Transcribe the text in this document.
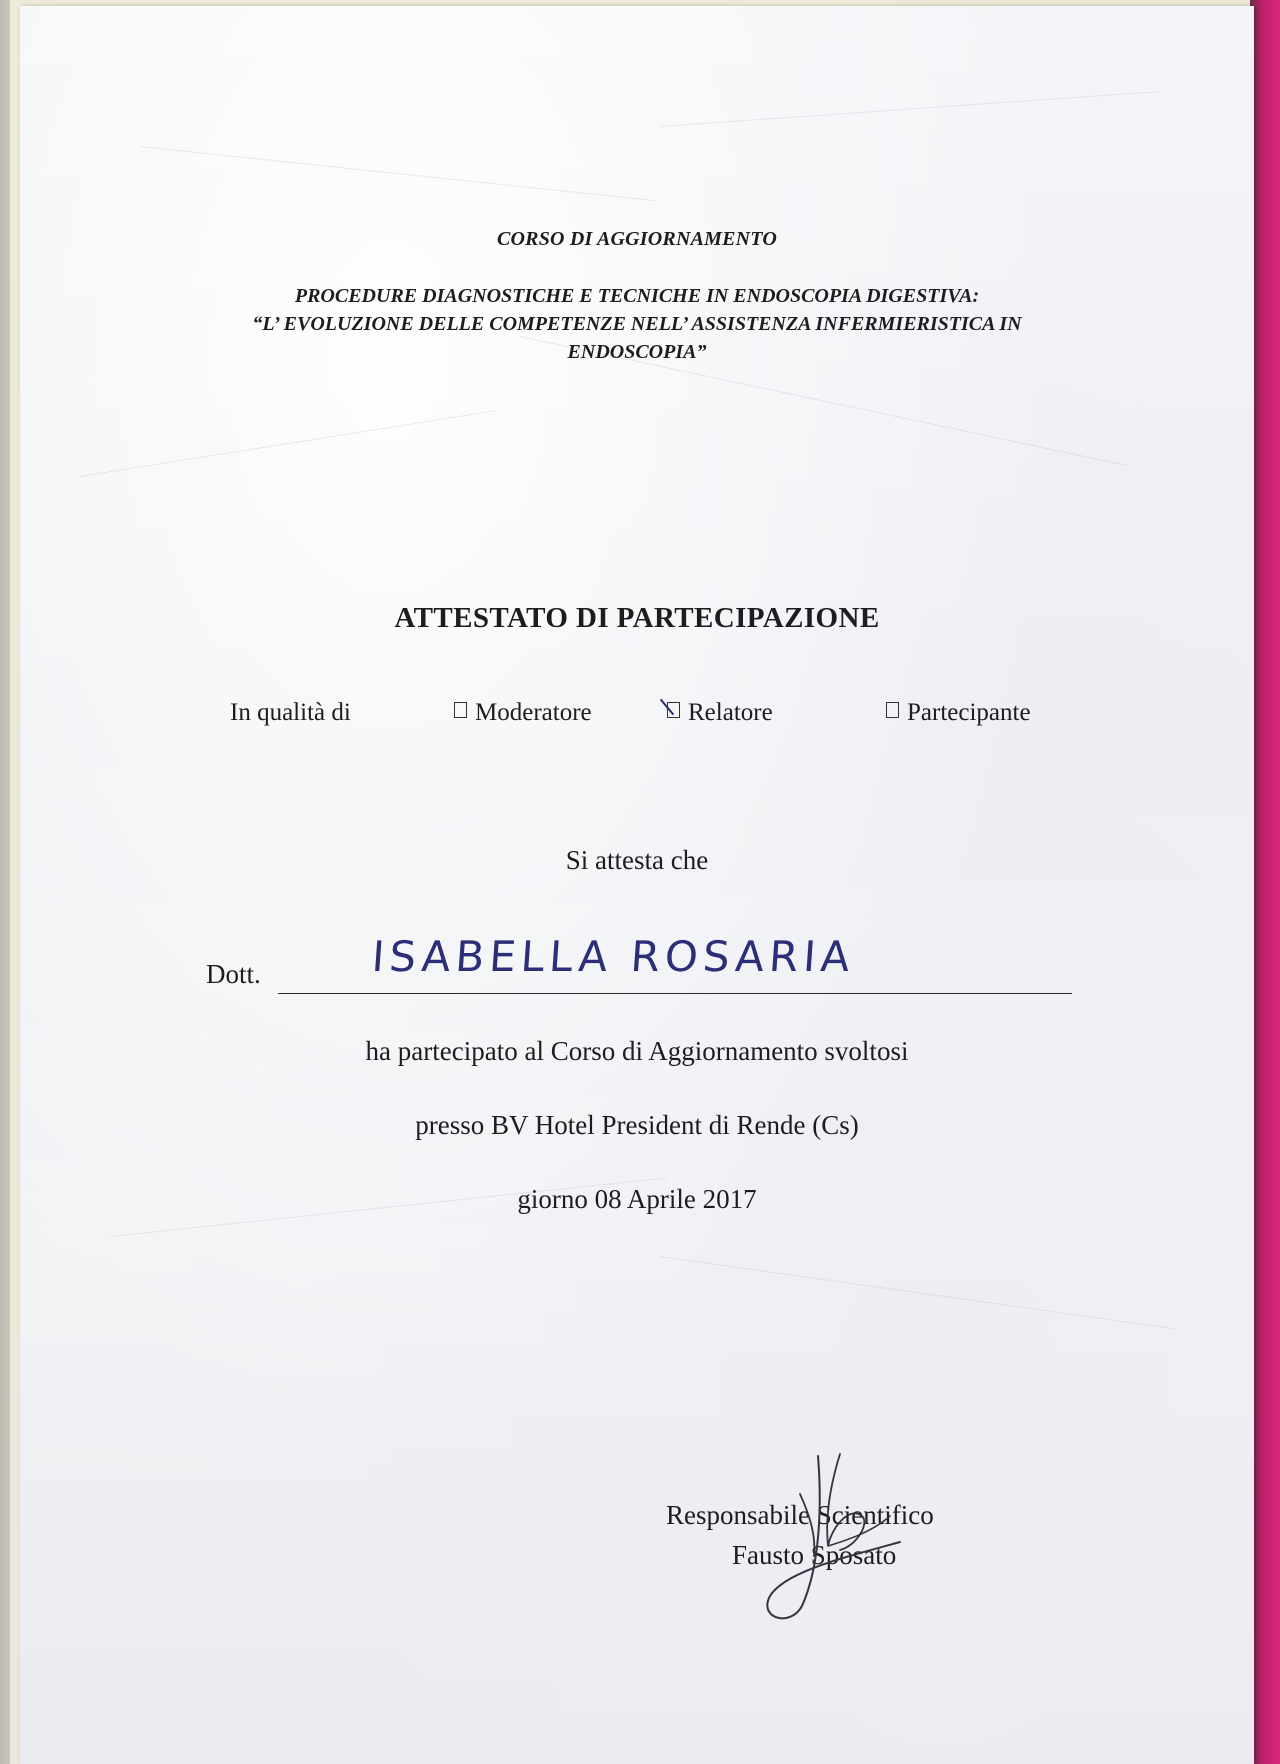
CORSO DI AGGIORNAMENTO
PROCEDURE DIAGNOSTICHE E TECNICHE IN ENDOSCOPIA DIGESTIVA:
“L’ EVOLUZIONE DELLE COMPETENZE NELL’ ASSISTENZA INFERMIERISTICA IN
ENDOSCOPIA”
ATTESTATO DI PARTECIPAZIONE
In qualità di	Moderatore	Relatore	Partecipante
Si attesta che
Dott.	ISABELLA ROSARIA
ha partecipato al Corso di Aggiornamento svoltosi
presso BV Hotel President di Rende (Cs)
giorno 08 Aprile 2017
Responsabile Scientifico
Fausto Sposato
